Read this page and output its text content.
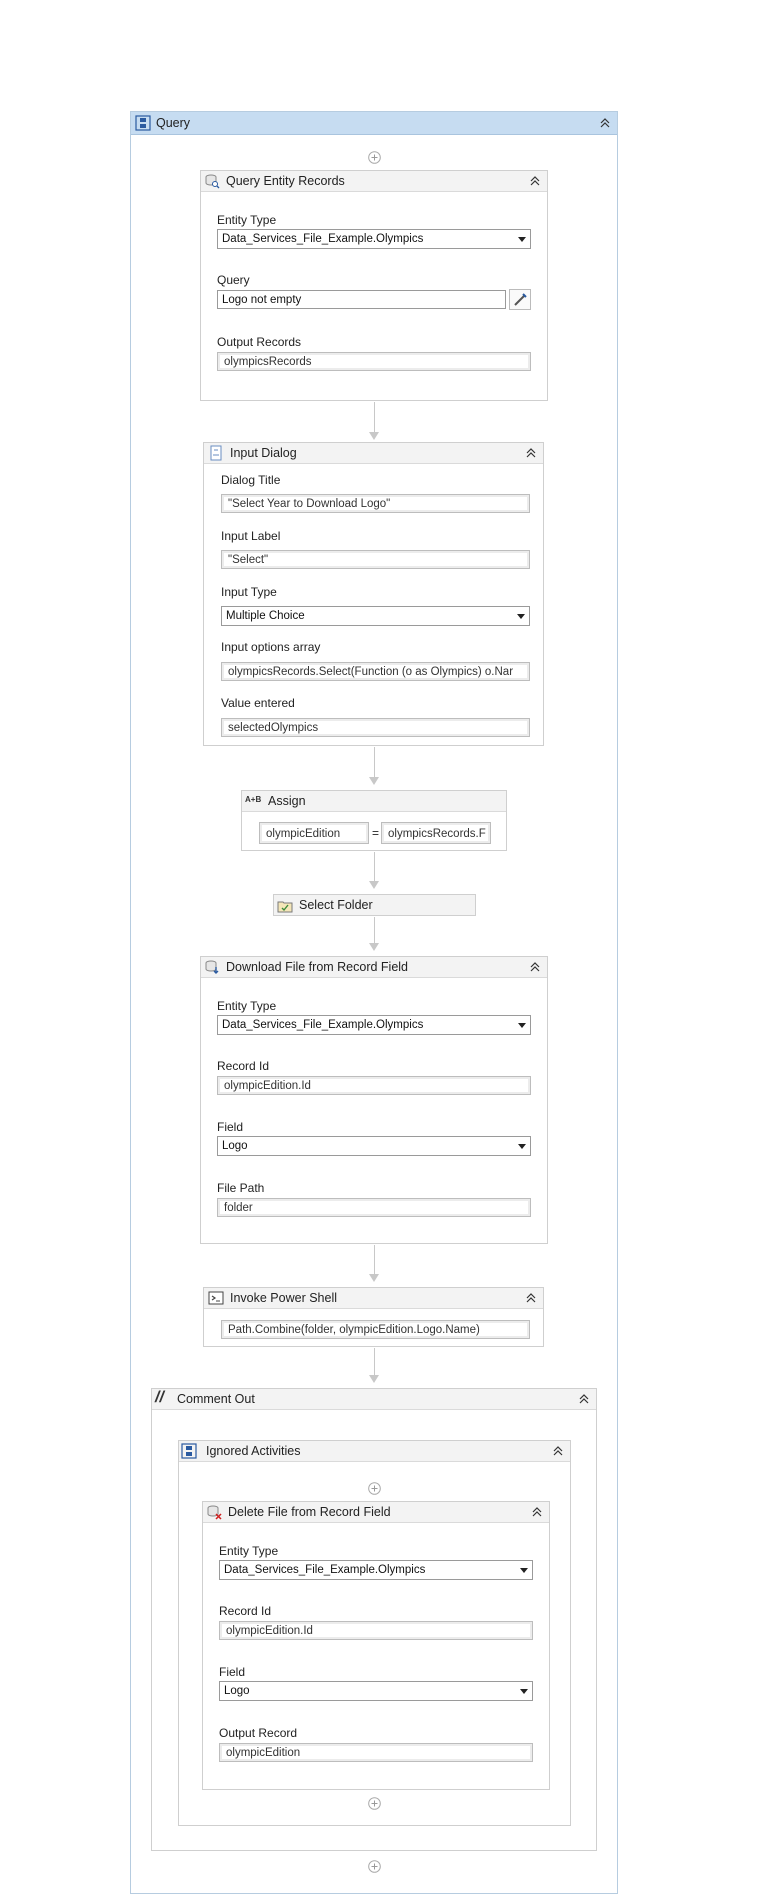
Query
Query Entity Records
Entity Type
Data_Services_File_Example.Olympics
Query
Logo not empty
Output Records
olympicsRecords
Input Dialog
Dialog Title
"Select Year to Download Logo"
Input Label
"Select"
Input Type
Multiple Choice
Input options array
olympicsRecords.Select(Function (o as Olympics) o.Nar
Value entered
selectedOlympics
A+B Assign
olympicEdition	= olympicsRecords.F
Select Folder
Download File from Record Field
Entity Type
Data_Services_File_Example.Olympics
Record Id
olympicEdition.Id
Field
Logo
File Path
folder
Invoke Power Shell
Path.Combine(folder, olympicEdition.Logo.Name)
// Comment Out
Ignored Activities
Delete File from Record Field
Entity Type
Data_Services_File_Example.Olympics
Record Id
olympicEdition.Id
Field
Logo
Output Record
olympicEdition
